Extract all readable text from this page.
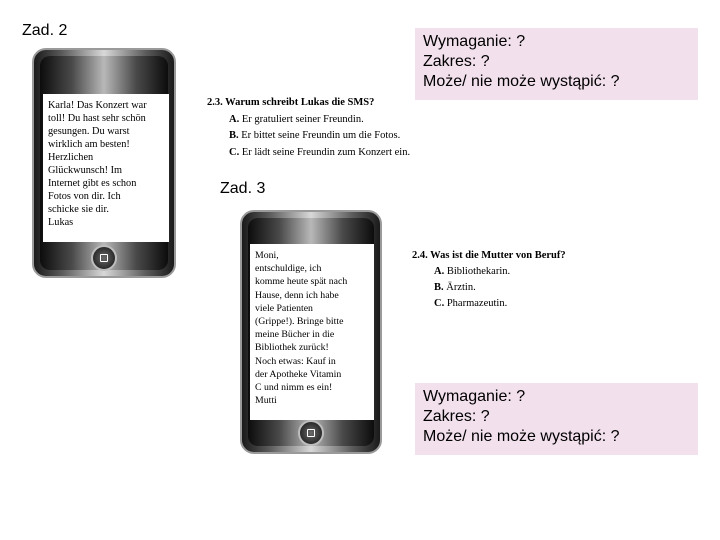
Zad. 2
Karla! Das Konzert war
toll! Du hast sehr schön
gesungen. Du warst
wirklich am besten!
Herzlichen
Glückwunsch! Im
Internet gibt es schon
Fotos von dir. Ich
schicke sie dir.
Lukas
2.3. Warum schreibt Lukas die SMS?
A. Er gratuliert seiner Freundin.
B. Er bittet seine Freundin um die Fotos.
C. Er lädt seine Freundin zum Konzert ein.
Wymaganie: ?
Zakres: ?
Może/ nie może wystąpić: ?
Zad. 3
Moni,
entschuldige, ich
komme heute spät nach
Hause, denn ich habe
viele Patienten
(Grippe!). Bringe bitte
meine Bücher in die
Bibliothek zurück!
Noch etwas: Kauf in
der Apotheke Vitamin
C und nimm es ein!
Mutti
2.4. Was ist die Mutter von Beruf?
A. Bibliothekarin.
B. Ärztin.
C. Pharmazeutin.
Wymaganie: ?
Zakres: ?
Może/ nie może wystąpić: ?
